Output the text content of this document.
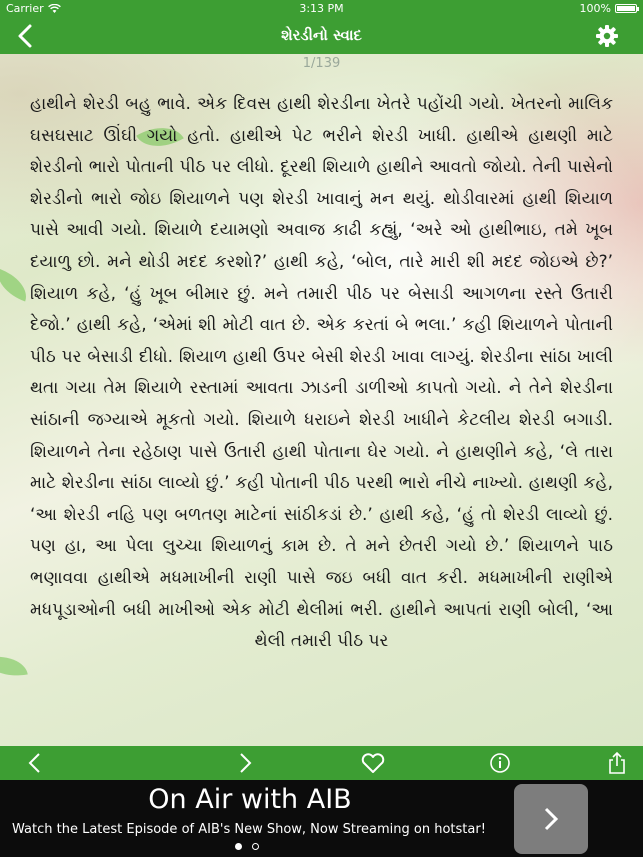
Carrier	3:13 PM	100%
શેરડીનો સ્વાદ
1/139

હાથીને શેરડી બહુ ભાવે. એક દિવસ હાથી શેરડીના ખેતરે પહોંચી ગયો. ખેતરનો માલિક ઘસઘસાટ ઊંઘી ગયો હતો. હાથીએ પેટ ભરીને શેરડી ખાધી. હાથીએ હાથણી માટે શેરડીનો ભારો પોતાની પીઠ પર લીધો. દૂરથી શિયાળે હાથીને આવતો જોયો. તેની પાસેનો શેરડીનો ભારો જોઇ શિયાળને પણ શેરડી ખાવાનું મન થયું. થોડીવારમાં હાથી શિયાળ પાસે આવી ગયો. શિયાળે દયામણો અવાજ કાઢી કહ્યું, ‘અરે ઓ હાથીભાઇ, તમે ખૂબ દયાળુ છો. મને થોડી મદદ કરશો?’ હાથી કહે, ‘બોલ, તારે મારી શી મદદ જોઇએ છે?’ શિયાળ કહે, ‘હું ખૂબ બીમાર છું. મને તમારી પીઠ પર બેસાડી આગળના રસ્તે ઉતારી દેજો.’ હાથી કહે, ‘એમાં શી મોટી વાત છે. એક કરતાં બે ભલા.’ કહી શિયાળને પોતાની પીઠ પર બેસાડી દીધો. શિયાળ હાથી ઉપર બેસી શેરડી ખાવા લાગ્યું. શેરડીના સાંઠા ખાલી થતા ગયા તેમ શિયાળે રસ્તામાં આવતા ઝાડની ડાળીઓ કાપતો ગયો. ને તેને શેરડીના સાંઠાની જગ્યાએ મૂકતો ગયો. શિયાળે ધરાઇને શેરડી ખાધીને કેટલીય શેરડી બગાડી. શિયાળને તેના રહેઠાણ પાસે ઉતારી હાથી પોતાના ઘેર ગયો. ને હાથણીને કહે, ‘લે તારા માટે શેરડીના સાંઠા લાવ્યો છું.’ કહી પોતાની પીઠ પરથી ભારો નીચે નાખ્યો. હાથણી કહે, ‘આ શેરડી નહિ પણ બળતણ માટેનાં સાંઠીકડાં છે.’ હાથી કહે, ‘હું તો શેરડી લાવ્યો છું. પણ હા, આ પેલા લુચ્ચા શિયાળનું કામ છે. તે મને છેતરી ગયો છે.’ શિયાળને પાઠ ભણાવવા હાથીએ મધમાખીની રાણી પાસે જઇ બધી વાત કરી. મધમાખીની રાણીએ મધપૂડાઓની બધી માખીઓ એક મોટી થેલીમાં ભરી. હાથીને આપતાં રાણી બોલી, ‘આ થેલી તમારી પીઠ પર

On Air with AIB
Watch the Latest Episode of AIB's New Show, Now Streaming on hotstar!
